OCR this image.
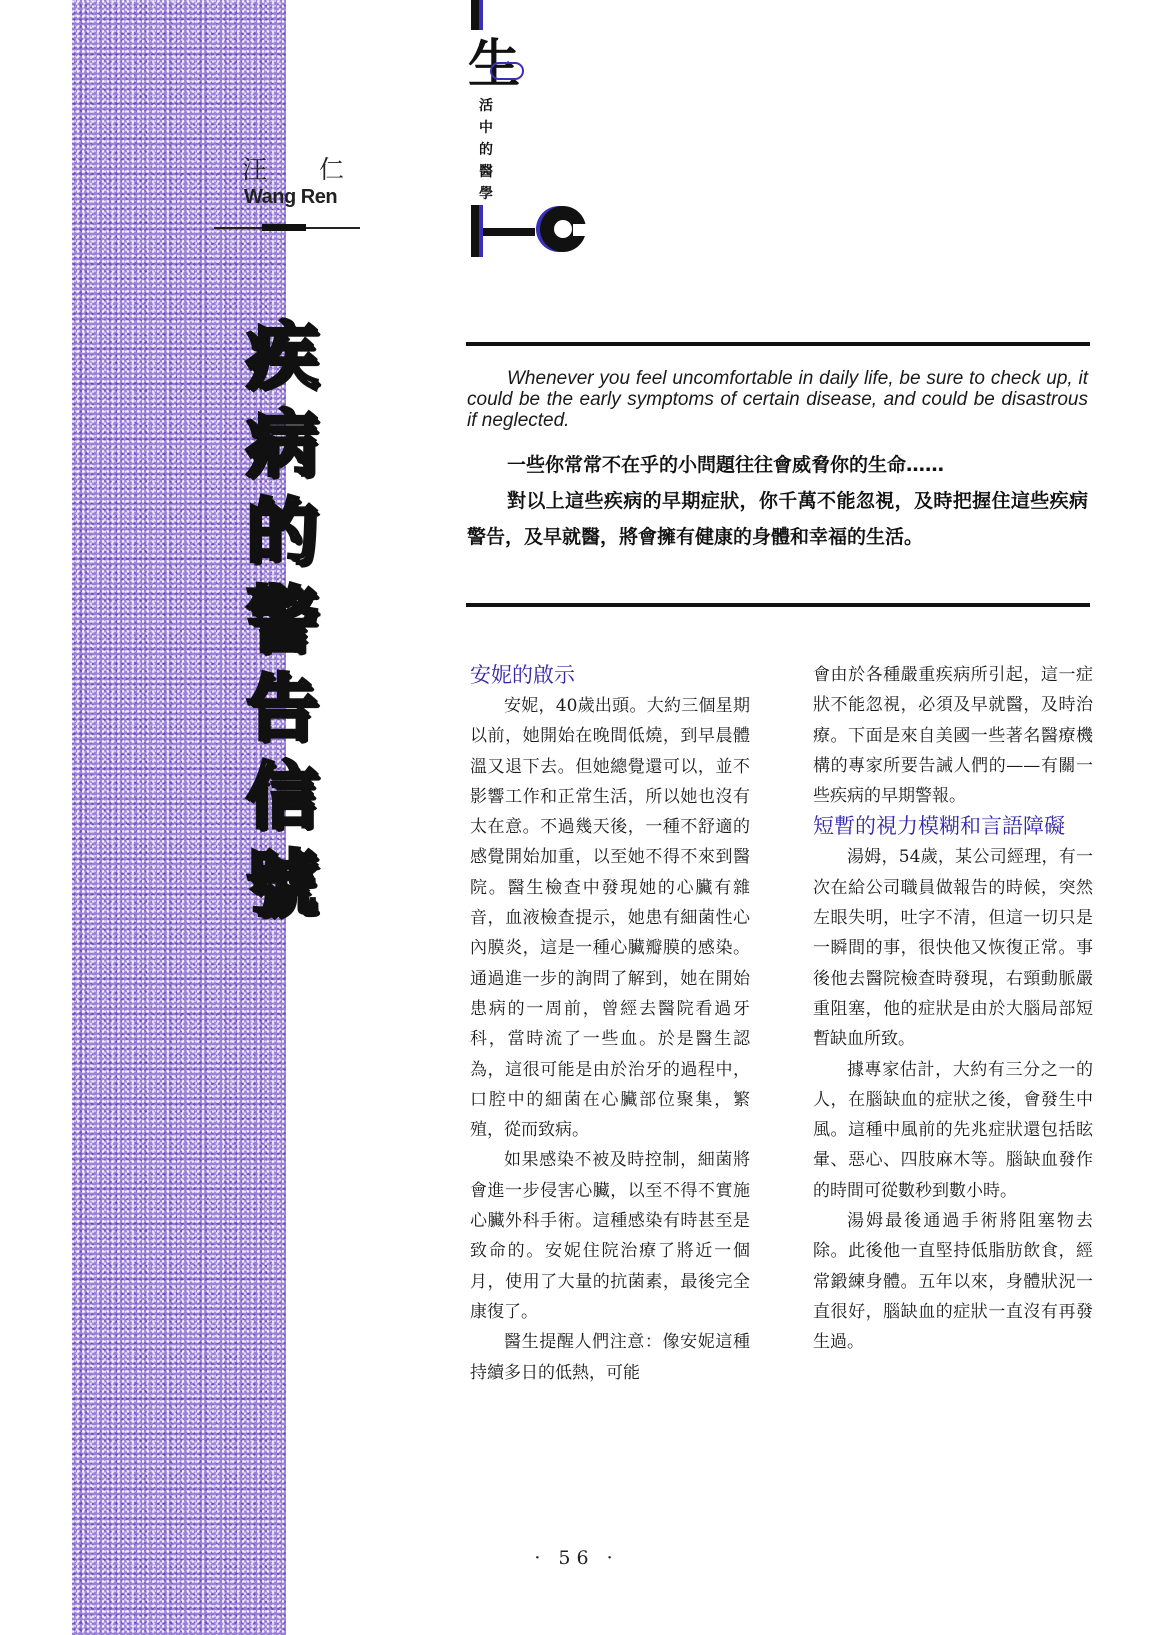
汪 仁
Wang Ren
疾
病
的
警
告
信
號
生
活
中
的
醫
學
Whenever you feel uncomfortable in daily life, be sure to check up, it could be the early symptoms of certain disease, and could be disastrous if neglected.

一些你常常不在乎的小問題往往會威脅你的生命……

對以上這些疾病的早期症狀，你千萬不能忽視，及時把握住這些疾病警告，及早就醫，將會擁有健康的身體和幸福的生活。

安妮的啟示

安妮，40歲出頭。大約三個星期以前，她開始在晚間低燒，到早晨體溫又退下去。但她總覺還可以，並不影響工作和正常生活，所以她也沒有太在意。不過幾天後，一種不舒適的感覺開始加重，以至她不得不來到醫院。醫生檢查中發現她的心臟有雜音，血液檢查提示，她患有細菌性心內膜炎，這是一種心臟瓣膜的感染。通過進一步的詢問了解到，她在開始患病的一周前，曾經去醫院看過牙科，當時流了一些血。於是醫生認為，這很可能是由於治牙的過程中，口腔中的細菌在心臟部位聚集，繁殖，從而致病。

如果感染不被及時控制，細菌將會進一步侵害心臟，以至不得不實施心臟外科手術。這種感染有時甚至是致命的。安妮住院治療了將近一個月，使用了大量的抗菌素，最後完全康復了。

醫生提醒人們注意：像安妮這種持續多日的低熱，可能

會由於各種嚴重疾病所引起，這一症狀不能忽視，必須及早就醫，及時治療。下面是來自美國一些著名醫療機構的專家所要告誡人們的——有關一些疾病的早期警報。

短暫的視力模糊和言語障礙

湯姆，54歲，某公司經理，有一次在給公司職員做報告的時候，突然左眼失明，吐字不清，但這一切只是一瞬間的事，很快他又恢復正常。事後他去醫院檢查時發現，右頸動脈嚴重阻塞，他的症狀是由於大腦局部短暫缺血所致。

據專家估計，大約有三分之一的人，在腦缺血的症狀之後，會發生中風。這種中風前的先兆症狀還包括眩暈、惡心、四肢麻木等。腦缺血發作的時間可從數秒到數小時。

湯姆最後通過手術將阻塞物去除。此後他一直堅持低脂肪飲食，經常鍛練身體。五年以來，身體狀況一直很好，腦缺血的症狀一直沒有再發生過。

· 56 ·
